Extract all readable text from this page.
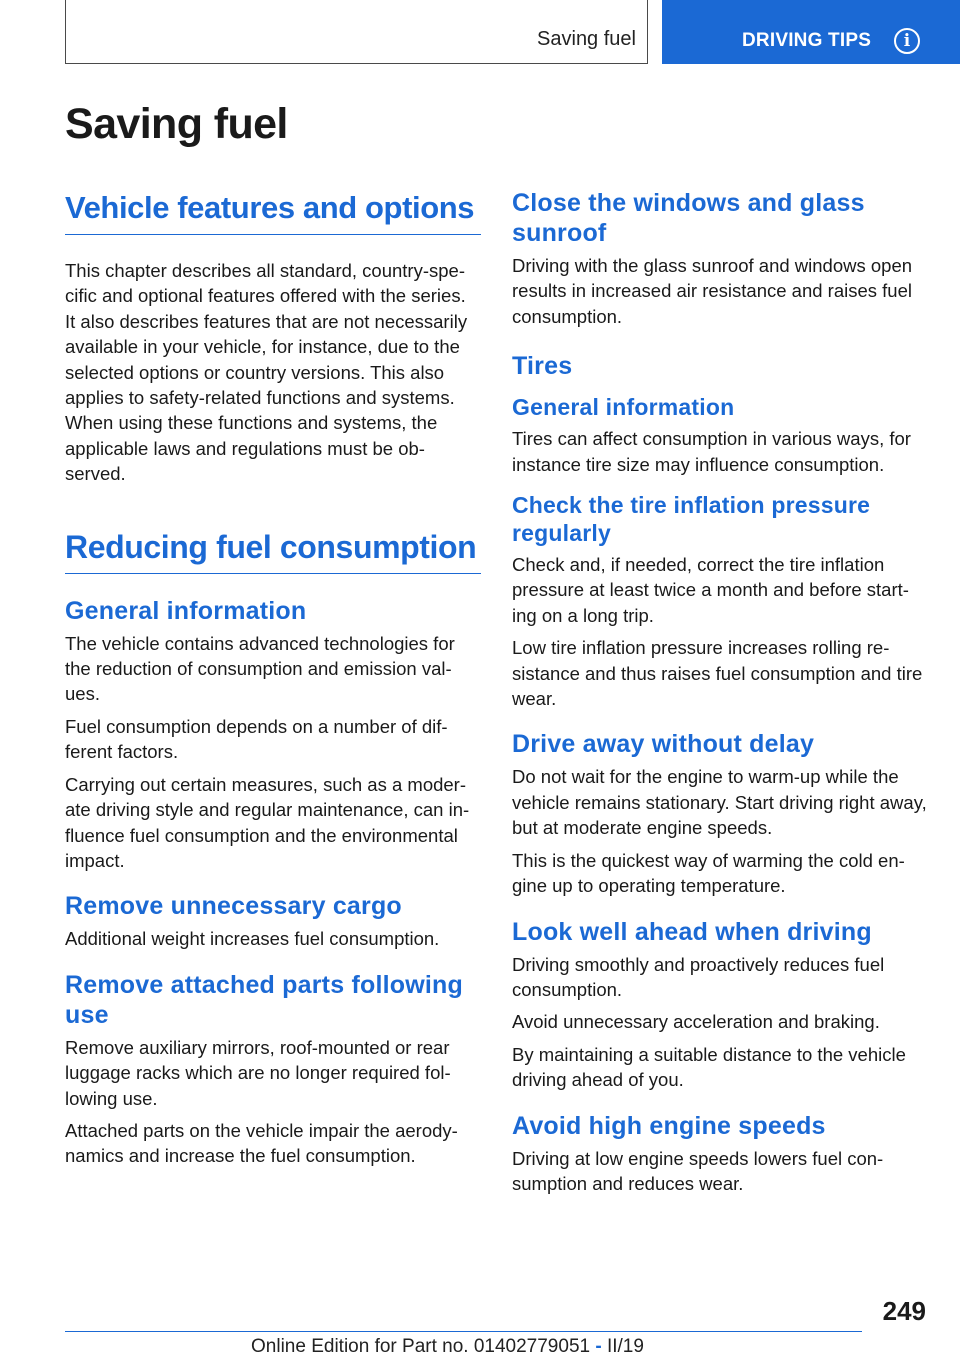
Saving fuel	DRIVING TIPS	i
Saving fuel
Vehicle features and options

This chapter describes all standard, country-spe- cific and optional features offered with the series. It also describes features that are not necessarily available in your vehicle, for instance, due to the selected options or country versions. This also applies to safety-related functions and systems. When using these functions and systems, the applicable laws and regulations must be ob- served.

Reducing fuel consumption
General information

The vehicle contains advanced technologies for the reduction of consumption and emission val- ues.

Fuel consumption depends on a number of dif- ferent factors.

Carrying out certain measures, such as a moder- ate driving style and regular maintenance, can in- fluence fuel consumption and the environmental impact.

Remove unnecessary cargo

Additional weight increases fuel consumption.

Remove attached parts following use

Remove auxiliary mirrors, roof-mounted or rear luggage racks which are no longer required fol- lowing use.

Attached parts on the vehicle impair the aerody- namics and increase the fuel consumption.

Close the windows and glass sunroof

Driving with the glass sunroof and windows open results in increased air resistance and raises fuel consumption.

Tires
General information

Tires can affect consumption in various ways, for instance tire size may influence consumption.

Check the tire inflation pressure regularly

Check and, if needed, correct the tire inflation pressure at least twice a month and before start- ing on a long trip.

Low tire inflation pressure increases rolling re- sistance and thus raises fuel consumption and tire wear.

Drive away without delay

Do not wait for the engine to warm-up while the vehicle remains stationary. Start driving right away, but at moderate engine speeds.

This is the quickest way of warming the cold en- gine up to operating temperature.

Look well ahead when driving

Driving smoothly and proactively reduces fuel consumption.

Avoid unnecessary acceleration and braking.

By maintaining a suitable distance to the vehicle driving ahead of you.

Avoid high engine speeds

Driving at low engine speeds lowers fuel con- sumption and reduces wear.

249
Online Edition for Part no. 01402779051 - II/19
